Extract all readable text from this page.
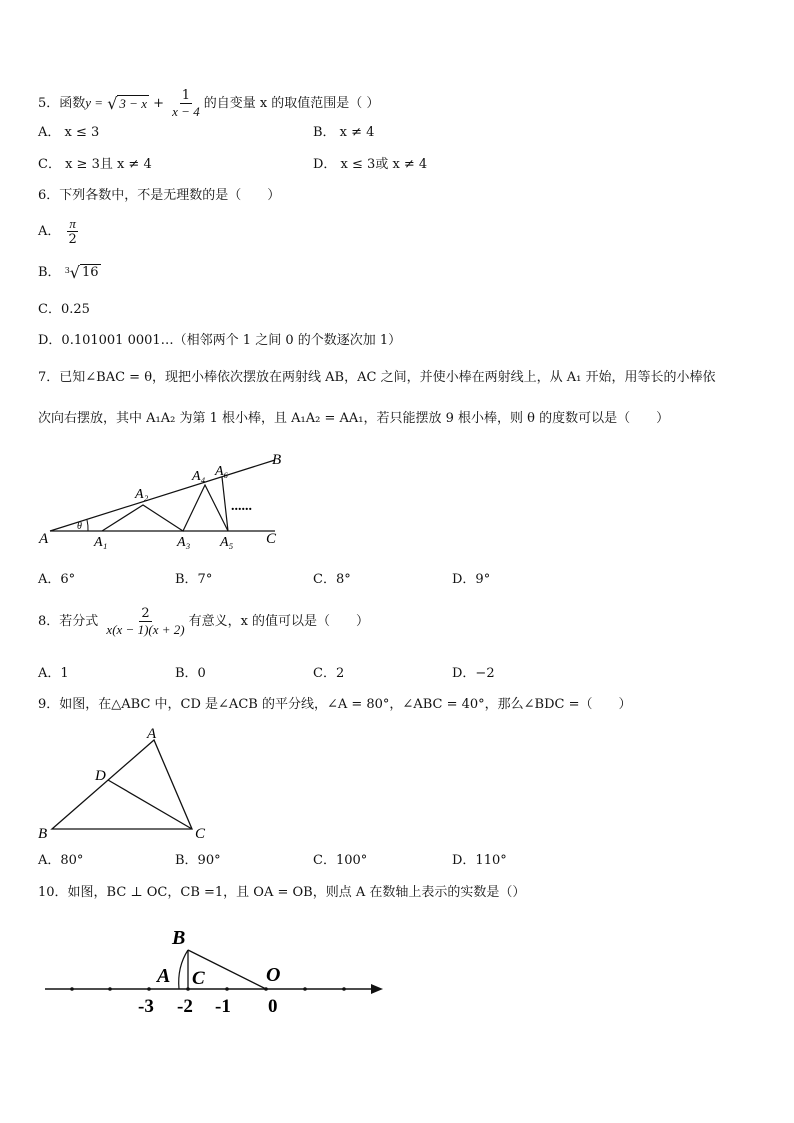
5．函数y = √ $3 - x + \frac{1}{x - 4}$ 的自变量 x 的取值范围是（ ）
A． x ≤ 3	B． x ≠ 4
C． x ≥ 3且 x ≠ 4	D． x ≤ 3或 x ≠ 4
6．下列各数中，不是无理数的是（　　）
A． $\frac{\pi}{2}$
B． 3 √ 16
C．0.25
D．0.101001 0001…（相邻两个 1 之间 0 的个数逐次加 1）
7．已知∠BAC = θ，现把小棒依次摆放在两射线 AB，AC 之间，并使小棒在两射线上，从 A₁ 开始，用等长的小棒依
次向右摆放，其中 A₁A₂ 为第 1 根小棒，且 A₁A₂ = AA₁，若只能摆放 9 根小棒，则 θ 的度数可以是（　　）
θ
A	A₁
A₂
A₃
A₄
A₅
A₆
B
C
......
A．6°	B．7°	C．8°	D．9°
8．若分式 $\frac{2}{x(x - 1)(x + 2)}$ 有意义，x 的值可以是（　　）
A．1	B．0	C．2	D．−2
9．如图，在△ABC 中，CD 是∠ACB 的平分线，∠A = 80°，∠ABC = 40°，那么∠BDC =（　　）
A
B	C
D
A．80°	B．90°	C．100°	D．110°
10．如图，BC ⊥ OC，CB =1，且 OA = OB，则点 A 在数轴上表示的实数是（）
B
A C	O
-3 -2 -1 0
